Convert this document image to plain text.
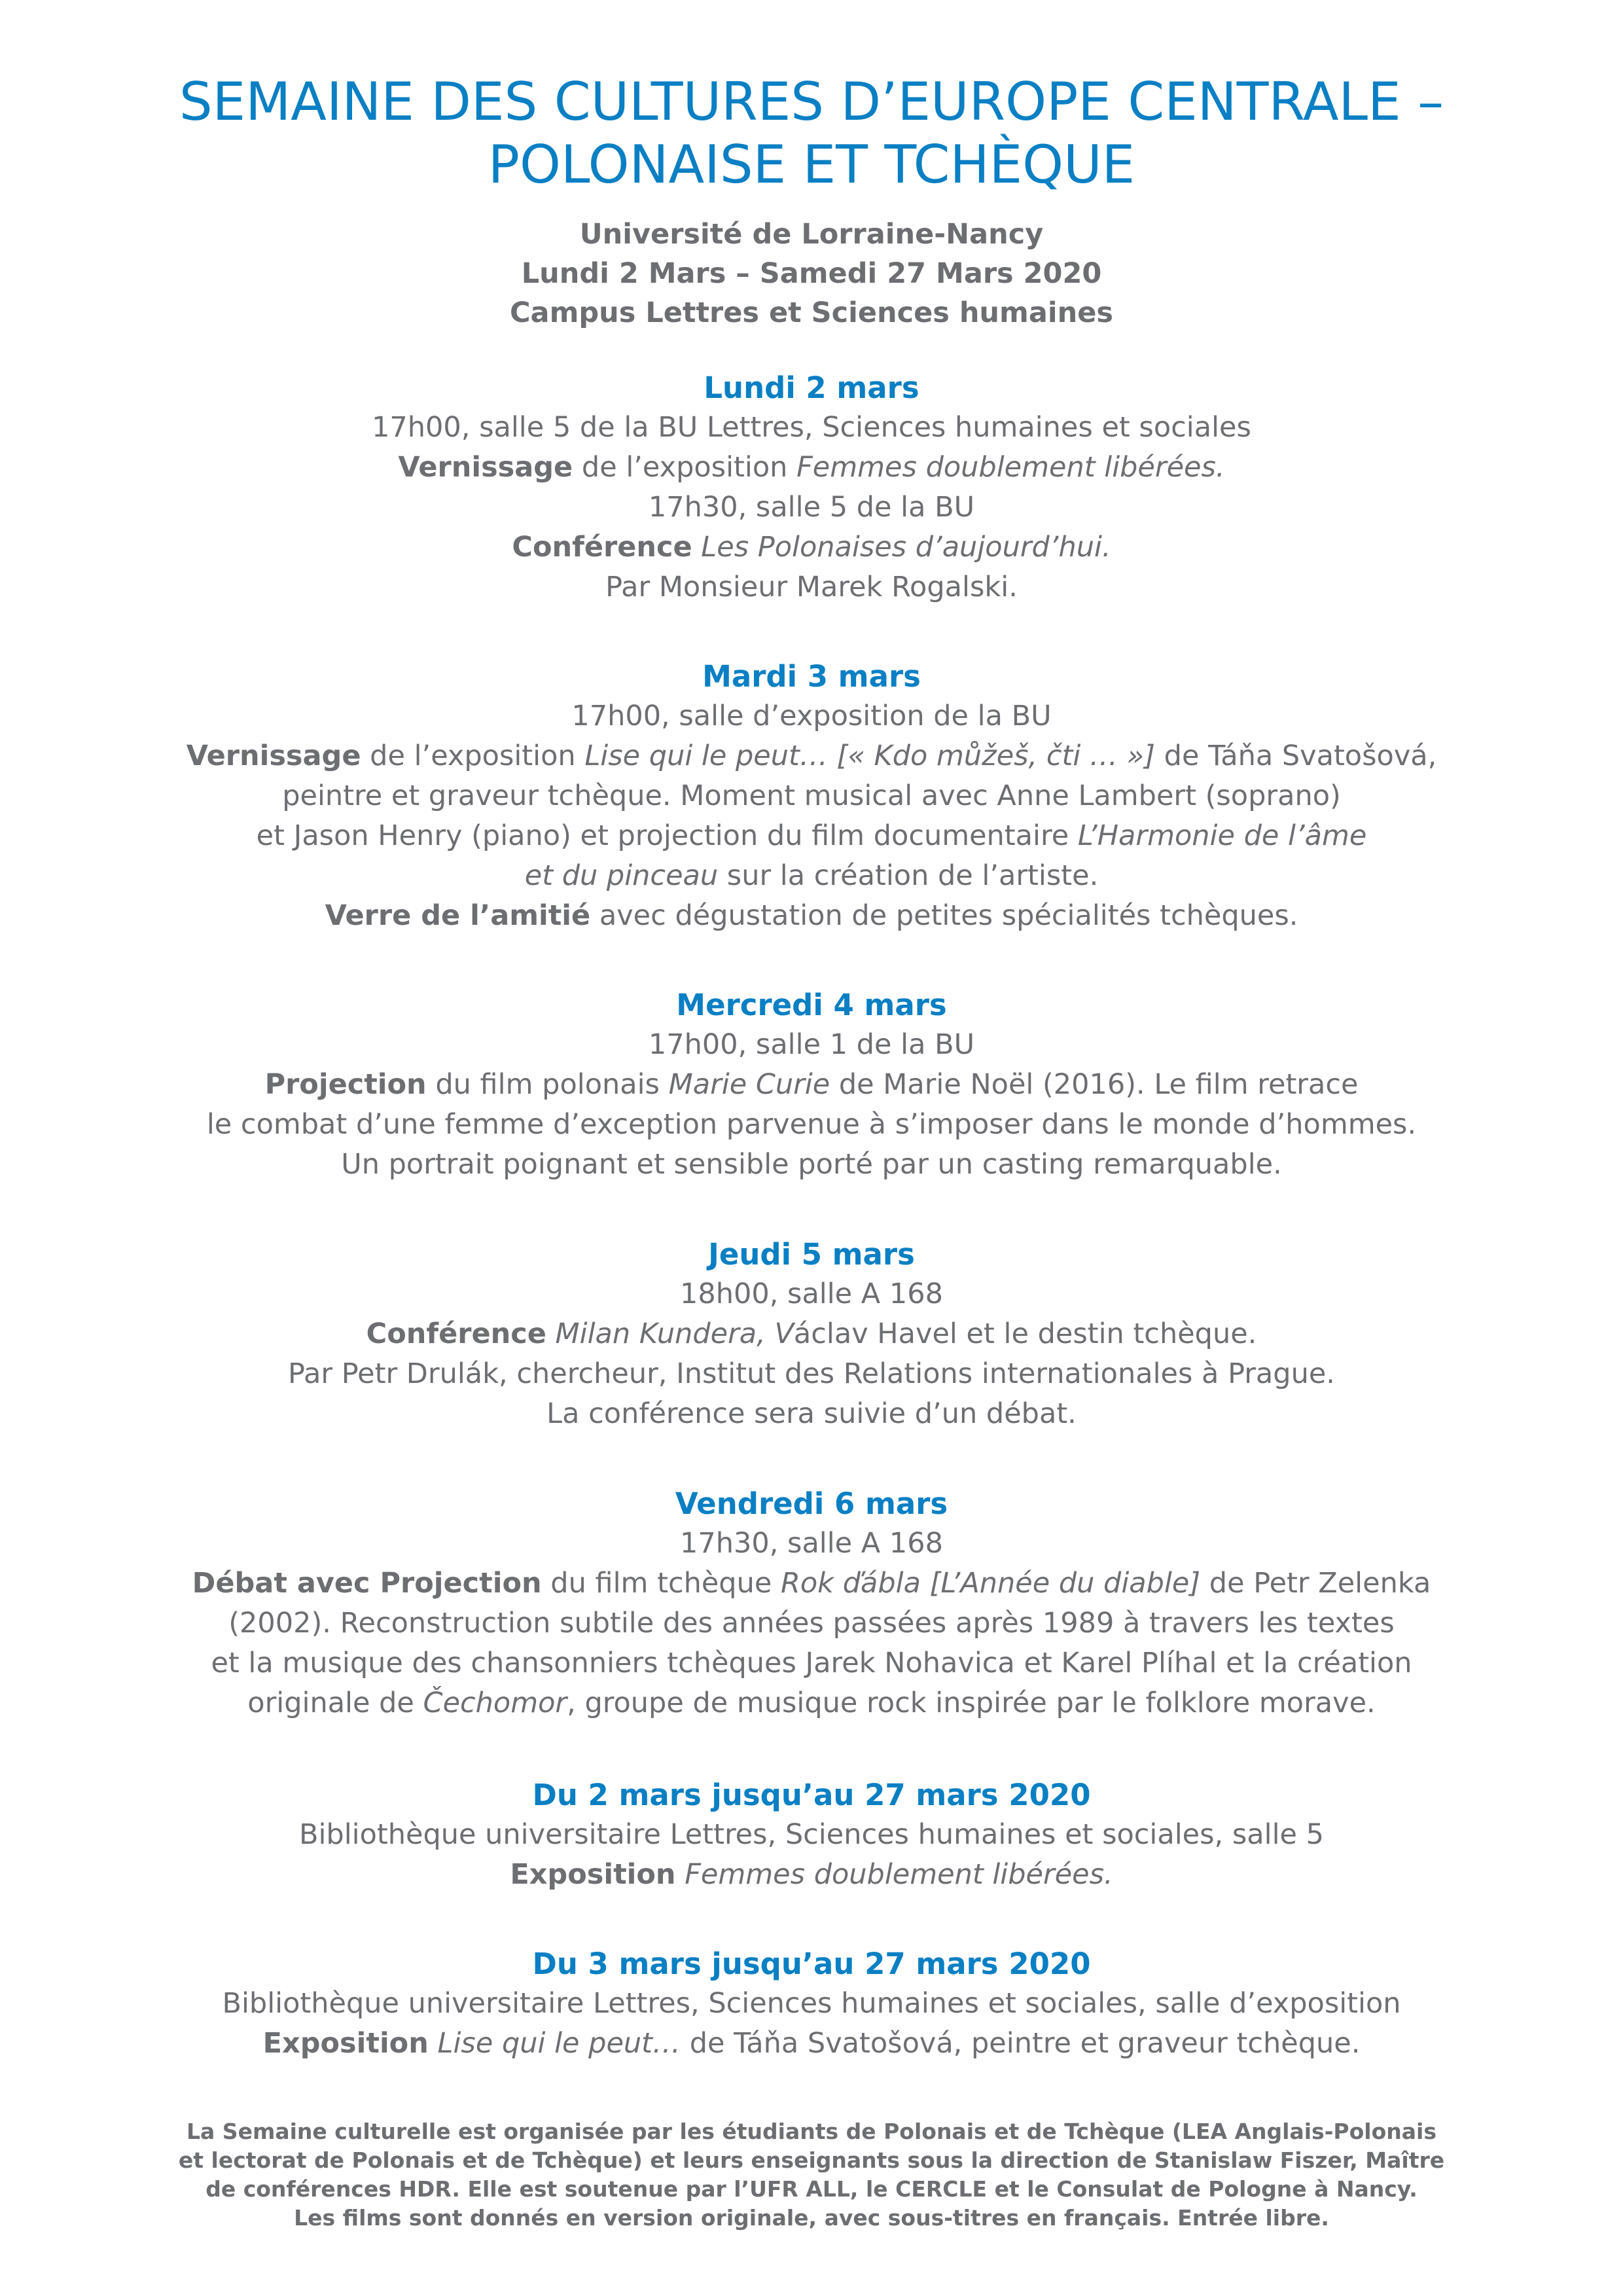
SEMAINE DES CULTURES D’EUROPE CENTRALE –
POLONAISE ET TCHÈQUE
Université de Lorraine-Nancy
Lundi 2 Mars – Samedi 27 Mars 2020
Campus Lettres et Sciences humaines
Lundi 2 mars

17h00, salle 5 de la BU Lettres, Sciences humaines et sociales

Vernissage de l’exposition Femmes doublement libérées.

17h30, salle 5 de la BU

Conférence Les Polonaises d’aujourd’hui.

Par Monsieur Marek Rogalski.

Mardi 3 mars

17h00, salle d’exposition de la BU

Vernissage de l’exposition Lise qui le peut… [« Kdo můžeš, čti … »] de Táňa Svatošová,

peintre et graveur tchèque. Moment musical avec Anne Lambert (soprano)

et Jason Henry (piano) et projection du film documentaire L’Harmonie de l’âme

et du pinceau sur la création de l’artiste.

Verre de l’amitié avec dégustation de petites spécialités tchèques.

Mercredi 4 mars

17h00, salle 1 de la BU

Projection du film polonais Marie Curie de Marie Noël (2016). Le film retrace

le combat d’une femme d’exception parvenue à s’imposer dans le monde d’hommes.

Un portrait poignant et sensible porté par un casting remarquable.

Jeudi 5 mars

18h00, salle A 168

Conférence Milan Kundera, Václav Havel et le destin tchèque.

Par Petr Drulák, chercheur, Institut des Relations internationales à Prague.

La conférence sera suivie d’un débat.

Vendredi 6 mars

17h30, salle A 168

Débat avec Projection du film tchèque Rok ďábla [L’Année du diable] de Petr Zelenka

(2002). Reconstruction subtile des années passées après 1989 à travers les textes

et la musique des chansonniers tchèques Jarek Nohavica et Karel Plíhal et la création

originale de Čechomor, groupe de musique rock inspirée par le folklore morave.

Du 2 mars jusqu’au 27 mars 2020

Bibliothèque universitaire Lettres, Sciences humaines et sociales, salle 5

Exposition Femmes doublement libérées.

Du 3 mars jusqu’au 27 mars 2020

Bibliothèque universitaire Lettres, Sciences humaines et sociales, salle d’exposition

Exposition Lise qui le peut… de Táňa Svatošová, peintre et graveur tchèque.

La Semaine culturelle est organisée par les étudiants de Polonais et de Tchèque (LEA Anglais-Polonais

et lectorat de Polonais et de Tchèque) et leurs enseignants sous la direction de Stanislaw Fiszer, Maître

de conférences HDR. Elle est soutenue par l’UFR ALL, le CERCLE et le Consulat de Pologne à Nancy.

Les films sont donnés en version originale, avec sous-titres en français. Entrée libre.
